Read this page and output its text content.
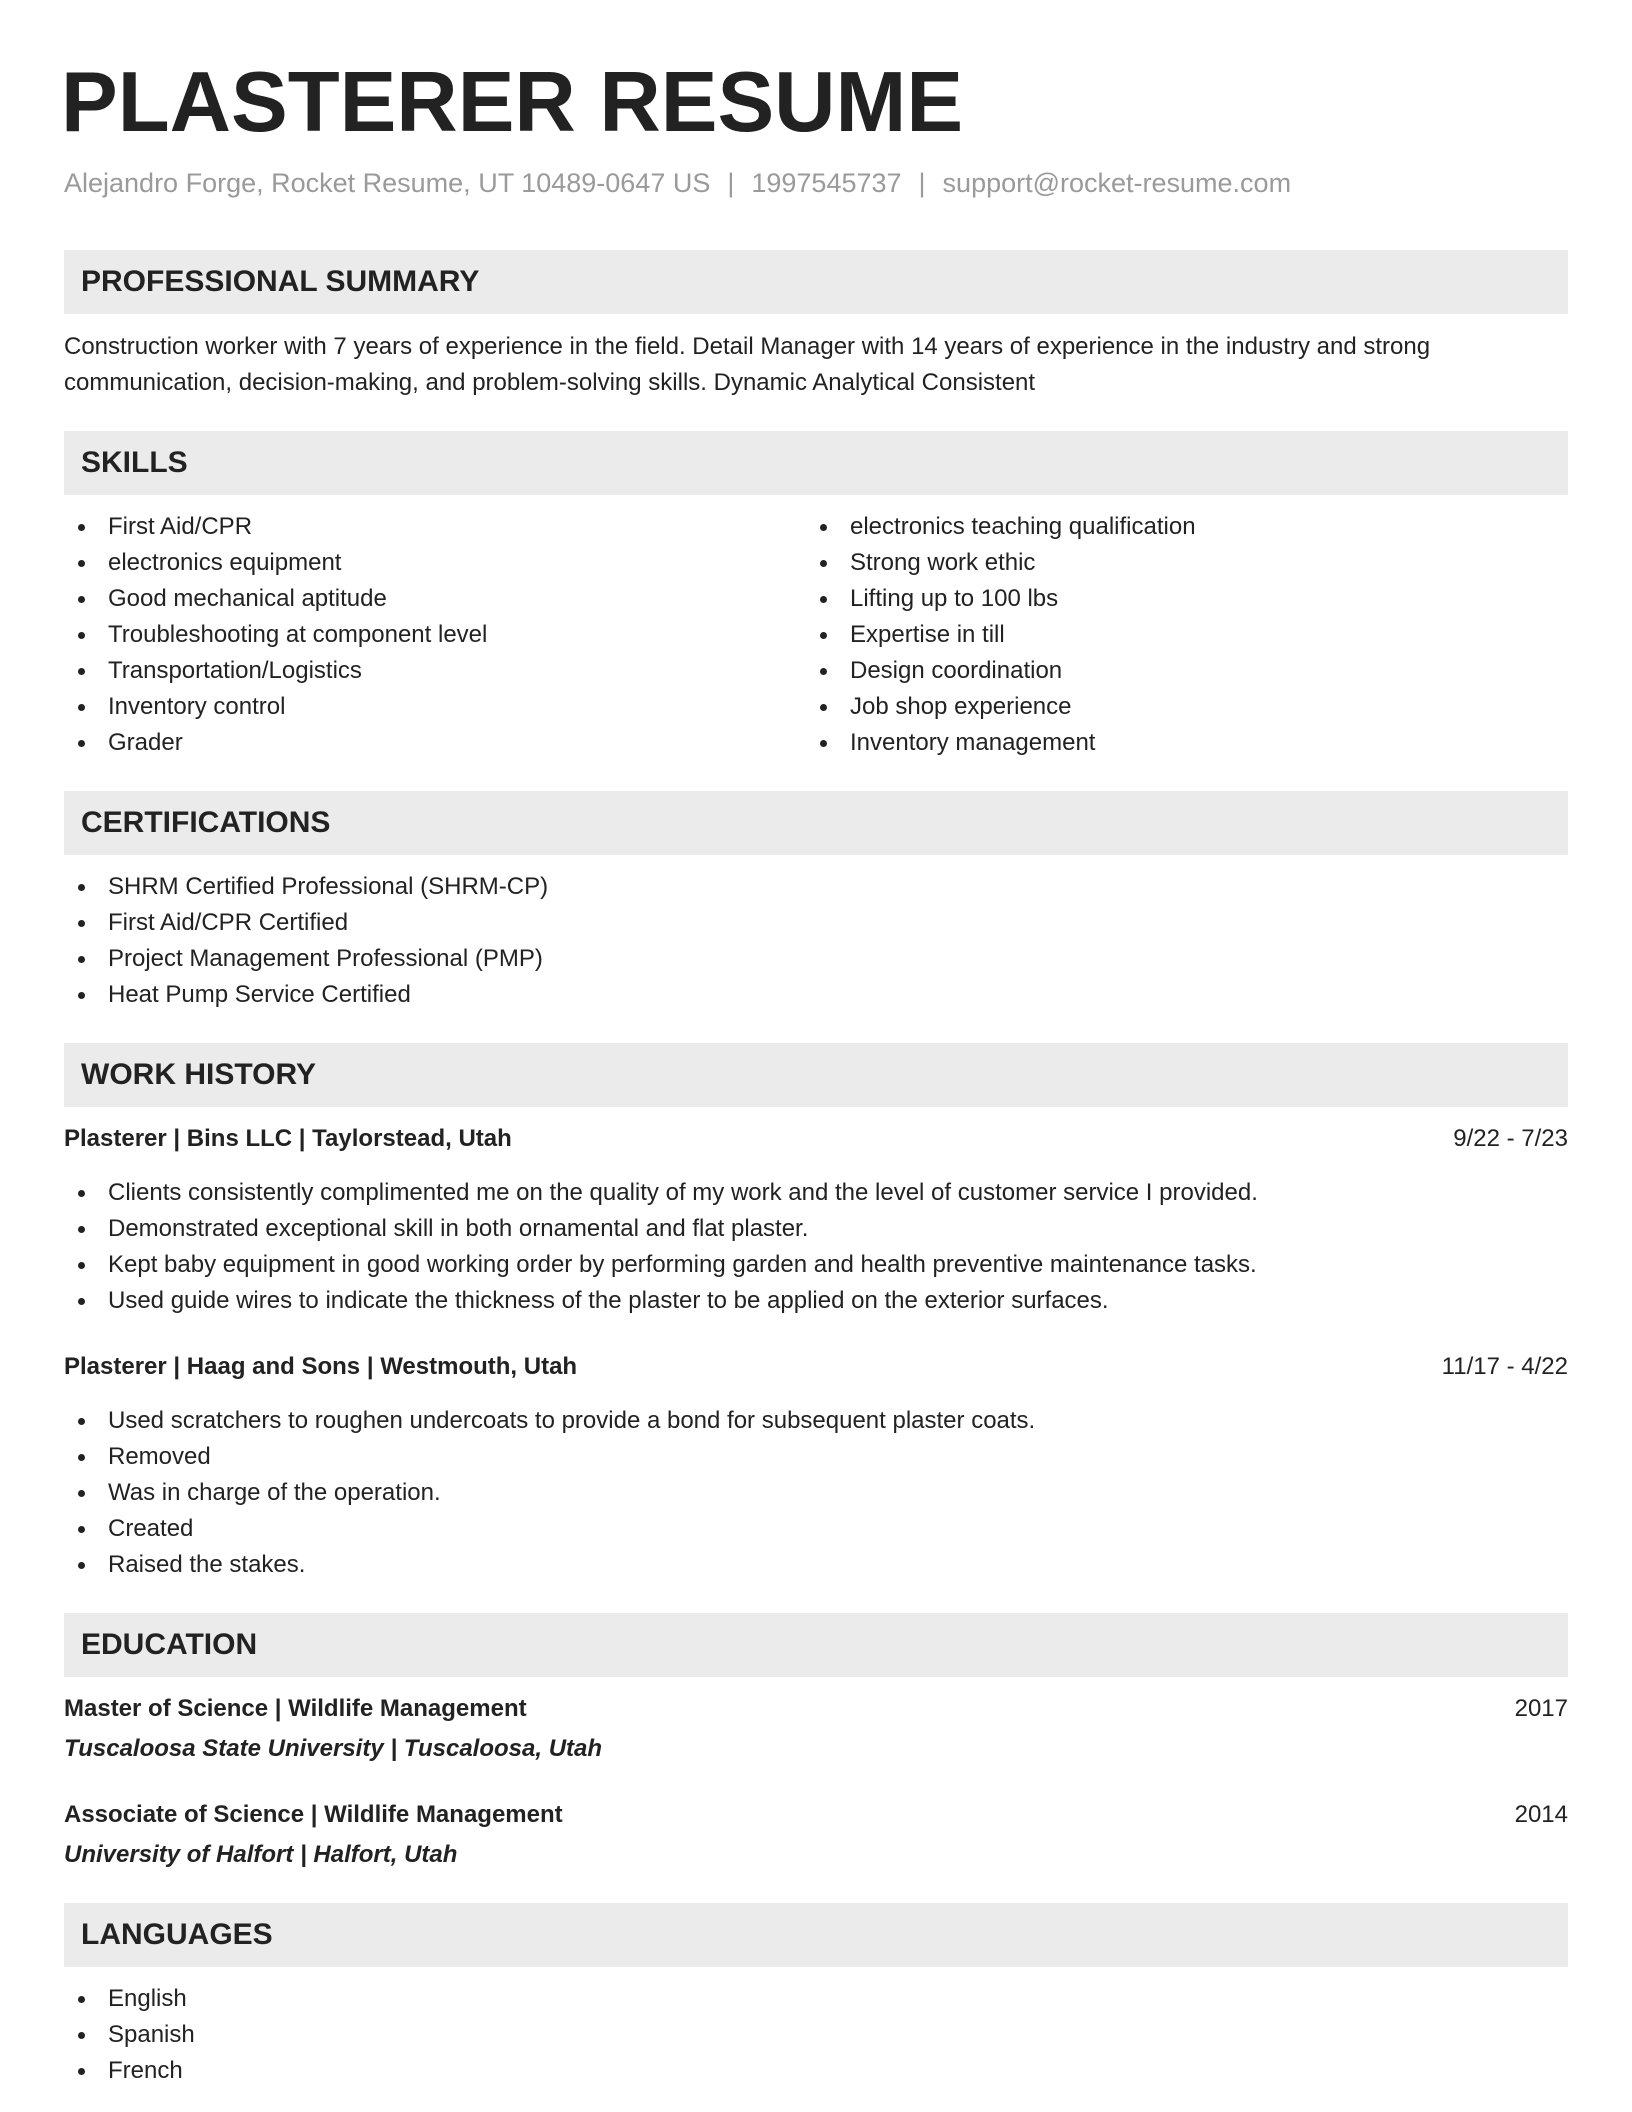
PLASTERER RESUME
Alejandro Forge, Rocket Resume, UT 10489-0647 US | 1997545737 | support@rocket-resume.com
PROFESSIONAL SUMMARY

Construction worker with 7 years of experience in the field. Detail Manager with 14 years of experience in the industry and strong communication, decision-making, and problem-solving skills. Dynamic Analytical Consistent

SKILLS
First Aid/CPR
electronics equipment
Good mechanical aptitude
Troubleshooting at component level
Transportation/Logistics
Inventory control
Grader
electronics teaching qualification
Strong work ethic
Lifting up to 100 lbs
Expertise in till
Design coordination
Job shop experience
Inventory management
CERTIFICATIONS
SHRM Certified Professional (SHRM-CP)
First Aid/CPR Certified
Project Management Professional (PMP)
Heat Pump Service Certified
WORK HISTORY
Plasterer | Bins LLC | Taylorstead, Utah	9/22 - 7/23
Clients consistently complimented me on the quality of my work and the level of customer service I provided.
Demonstrated exceptional skill in both ornamental and flat plaster.
Kept baby equipment in good working order by performing garden and health preventive maintenance tasks.
Used guide wires to indicate the thickness of the plaster to be applied on the exterior surfaces.
Plasterer | Haag and Sons | Westmouth, Utah	11/17 - 4/22
Used scratchers to roughen undercoats to provide a bond for subsequent plaster coats.
Removed
Was in charge of the operation.
Created
Raised the stakes.
EDUCATION
Master of Science | Wildlife Management	2017
Tuscaloosa State University | Tuscaloosa, Utah
Associate of Science | Wildlife Management	2014
University of Halfort | Halfort, Utah
LANGUAGES
English
Spanish
French
